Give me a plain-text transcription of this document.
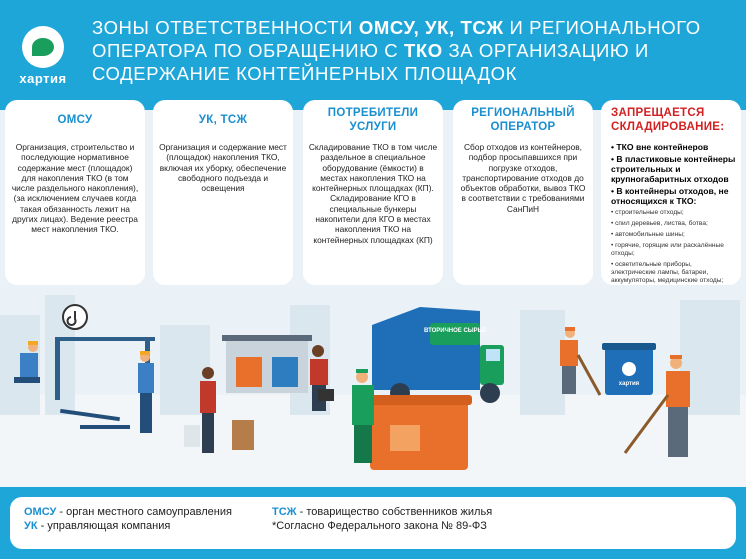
хартия
ЗОНЫ ОТВЕТСТВЕННОСТИ ОМСУ, УК, ТСЖ И РЕГИОНАЛЬНОГО ОПЕРАТОРА ПО ОБРАЩЕНИЮ С ТКО ЗА ОРГАНИЗАЦИЮ И СОДЕРЖАНИЕ КОНТЕЙНЕРНЫХ ПЛОЩАДОК
ОМСУ
Организация, строительство и последующие нормативное содержание мест (площадок) для накопления ТКО (в том числе раздельного накопления), (за исключением случаев когда такая обязанность лежит на других лицах). Ведение реестра мест накопления ТКО.
УК, ТСЖ
Организация и содержание мест (площадок) накопления ТКО, включая их уборку, обеспечение свободного подъезда и освещения
ПОТРЕБИТЕЛИ УСЛУГИ
Складирование ТКО в том числе раздельное в специальное оборудование (ёмкости) в местах накопления ТКО на контейнерных площадках (КП). Складирование КГО в специальные бункеры накопители для КГО в местах накопления ТКО на контейнерных площадках (КП)
РЕГИОНАЛЬНЫЙ ОПЕРАТОР
Сбор отходов из контейнеров, подбор просыпавшихся при погрузке отходов, транспортирование отходов до объектов обработки, вывоз ТКО в соответствии с требованиями СанПиН
ЗАПРЕЩАЕТСЯ СКЛАДИРОВАНИЕ:
• ТКО вне контейнеров
• В пластиковые контейнеры строительных и крупногабаритных отходов
• В контейнеры отходов, не относящихся к ТКО:
• строительные отходы;
• спил деревьев, листва, ботва;
• автомобильные шины;
• горячие, горящие или раскалённые отходы;
• осветительные приборы, электрические лампы, батареи, аккумуляторы, медицинские отходы;
ВТОРИЧНОЕ СЫРЬЕ
хартия
ОМСУ - орган местного самоуправления
УК - управляющая компания
ТСЖ - товарищество собственников жилья
*Согласно Федерального закона № 89-ФЗ
